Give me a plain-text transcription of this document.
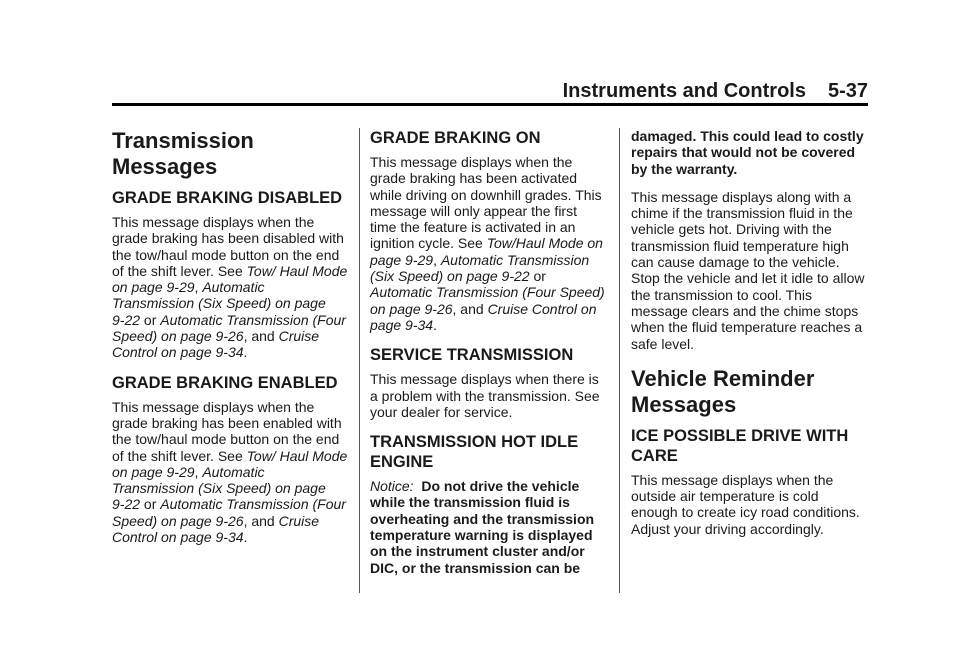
Instruments and Controls 5-37
Transmission Messages
GRADE BRAKING DISABLED

This message displays when the grade braking has been disabled with the tow/haul mode button on the end of the shift lever. See Tow/ Haul Mode on page 9‑29, Automatic Transmission (Six Speed) on page 9‑22 or Automatic Transmission (Four Speed) on page 9‑26, and Cruise Control on page 9‑34.

GRADE BRAKING ENABLED

This message displays when the grade braking has been enabled with the tow/haul mode button on the end of the shift lever. See Tow/ Haul Mode on page 9‑29, Automatic Transmission (Six Speed) on page 9‑22 or Automatic Transmission (Four Speed) on page 9‑26, and Cruise Control on page 9‑34.

GRADE BRAKING ON

This message displays when the grade braking has been activated while driving on downhill grades. This message will only appear the first time the feature is activated in an ignition cycle. See Tow/Haul Mode on page 9‑29, Automatic Transmission (Six Speed) on page 9‑22 or Automatic Transmission (Four Speed) on page 9‑26, and Cruise Control on page 9‑34.

SERVICE TRANSMISSION

This message displays when there is a problem with the transmission. See your dealer for service.

TRANSMISSION HOT IDLE ENGINE

Notice: Do not drive the vehicle while the transmission fluid is overheating and the transmission temperature warning is displayed on the instrument cluster and/or DIC, or the transmission can be

damaged. This could lead to costly repairs that would not be covered by the warranty.

This message displays along with a chime if the transmission fluid in the vehicle gets hot. Driving with the transmission fluid temperature high can cause damage to the vehicle. Stop the vehicle and let it idle to allow the transmission to cool. This message clears and the chime stops when the fluid temperature reaches a safe level.

Vehicle Reminder Messages
ICE POSSIBLE DRIVE WITH CARE

This message displays when the outside air temperature is cold enough to create icy road conditions. Adjust your driving accordingly.
